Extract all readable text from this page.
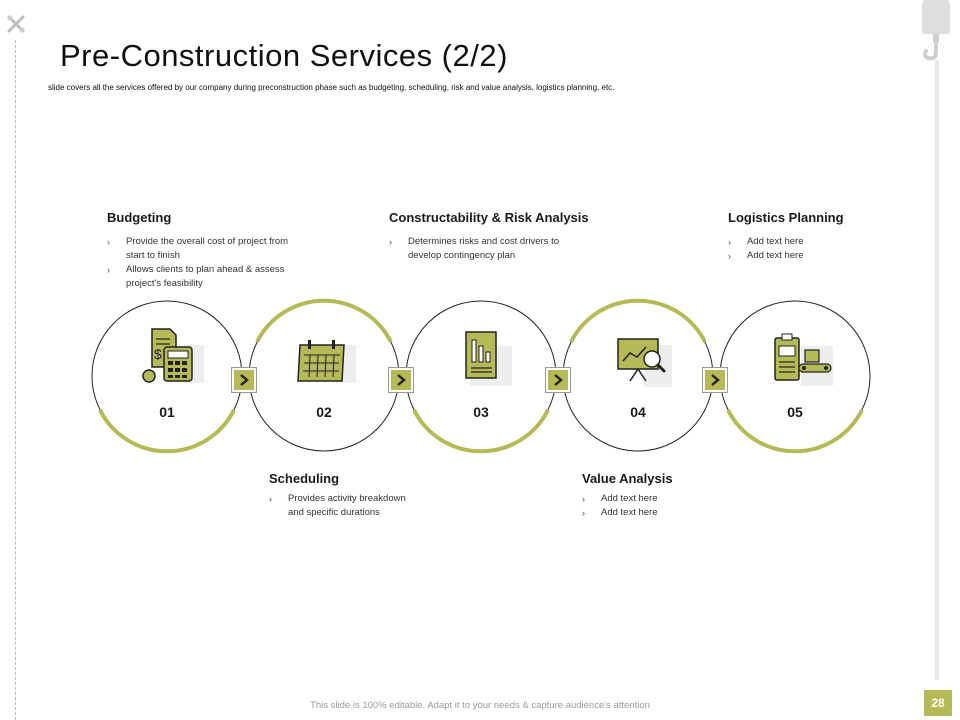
Pre-Construction Services (2/2)
slide covers all the services offered by our company during preconstruction phase such as budgeting, scheduling, risk and value analysis, logistics planning, etc.
$
01	02	03	04	05
Budgeting
› Provide the overall cost of project from start to finish
› Allows clients to plan ahead & assess project's feasibility
Constructability & Risk Analysis
› Determines risks and cost drivers to develop contingency plan
Logistics Planning
› Add text here
› Add text here
Scheduling
› Provides activity breakdown and specific durations
Value Analysis
› Add text here
› Add text here
This slide is 100% editable. Adapt it to your needs & capture audience's attention	28
